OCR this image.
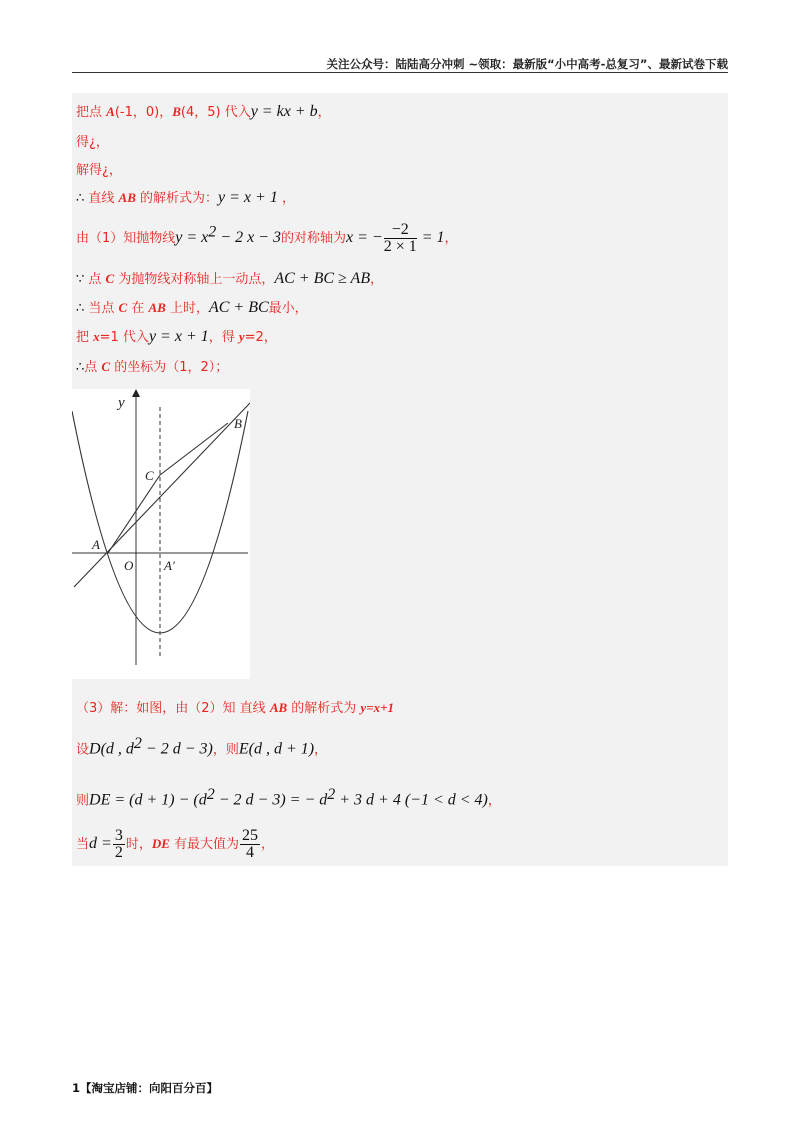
关注公众号：陆陆高分冲刺 ~领取：最新版“小中高考-总复习”、最新试卷下载
把点 A(-1，0)，B(4，5) 代入y = kx + b，
得¿，
解得¿，
∴ 直线 AB 的解析式为：y = x + 1 ，
由（1）知抛物线$y = x^2 - 2$ x − 3的对称轴为x = − $\frac{-2}{2 \times 1} = 1$，
∵ 点 C 为抛物线对称轴上一动点，AC + BC ≥ AB，
∴ 当点 C 在 AB 上时，AC + BC最小，
把 x=1 代入y = x + 1，得 y=2，
∴点 C 的坐标为（1，2）；
y
B
C
A
O A′
（3）解：如图，由（2）知 直线 AB 的解析式为 y=x+1
设D(d , $d^2 - 2$ d − 3)，则E(d , d + 1)，
则DE = $(d + 1) - (d^2 - 2$ d − 3) = − $d^2 + 3$ d + 4 (−1 < d < 4)，
当$d = \frac{3}{2}$ 时，DE 有最大值为 $\frac{25}{4}$ ，
1【淘宝店铺：向阳百分百】
